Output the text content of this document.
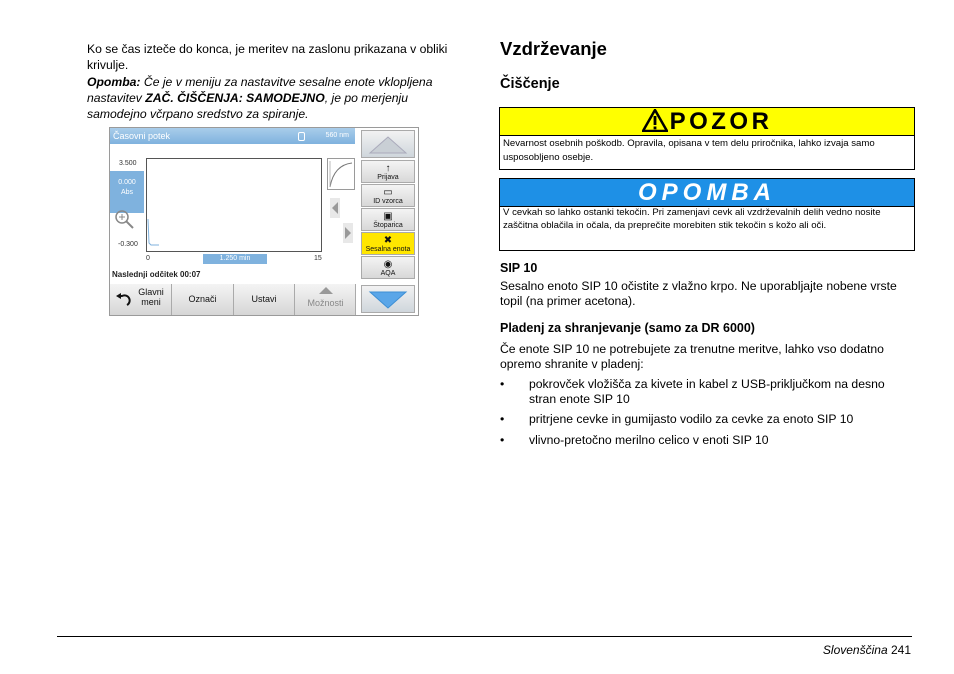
Ko se čas izteče do konca, je meritev na zaslonu prikazana v obliki krivulje.
Opomba: Če je v meniju za nastavitve sesalne enote vklopljena nastavitev ZAČ. ČIŠČENJA: SAMODEJNO, je po merjenju samodejno včrpano sredstvo za spiranje.
Časovni potek	560 nm
3.500
0.000
Abs
-0.300
0	1.250 min	15
Naslednji odčitek 00:07
Glavni meni	Označi	Ustavi	Možnosti
↑
Prijava
▭
ID vzorca
▣
Štoparica
✖
Sesalna enota
◉
AQA
Vzdrževanje
Čiščenje
POZOR
Nevarnost osebnih poškodb. Opravila, opisana v tem delu priročnika, lahko izvaja samo usposobljeno osebje.
OPOMBA
V cevkah so lahko ostanki tekočin. Pri zamenjavi cevk ali vzdrževalnih delih vedno nosite zaščitna oblačila in očala, da preprečite morebiten stik tekočin s kožo ali oči.
SIP 10
Sesalno enoto SIP 10 očistite z vlažno krpo. Ne uporabljajte nobene vrste topil (na primer acetona).
Pladenj za shranjevanje (samo za DR 6000)
Če enote SIP 10 ne potrebujete za trenutne meritve, lahko vso dodatno opremo shranite v pladenj:
• pokrovček vložišča za kivete in kabel z USB-priključkom na desno stran enote SIP 10
• pritrjene cevke in gumijasto vodilo za cevke za enoto SIP 10
• vlivno-pretočno merilno celico v enoti SIP 10
Slovenščina 241
